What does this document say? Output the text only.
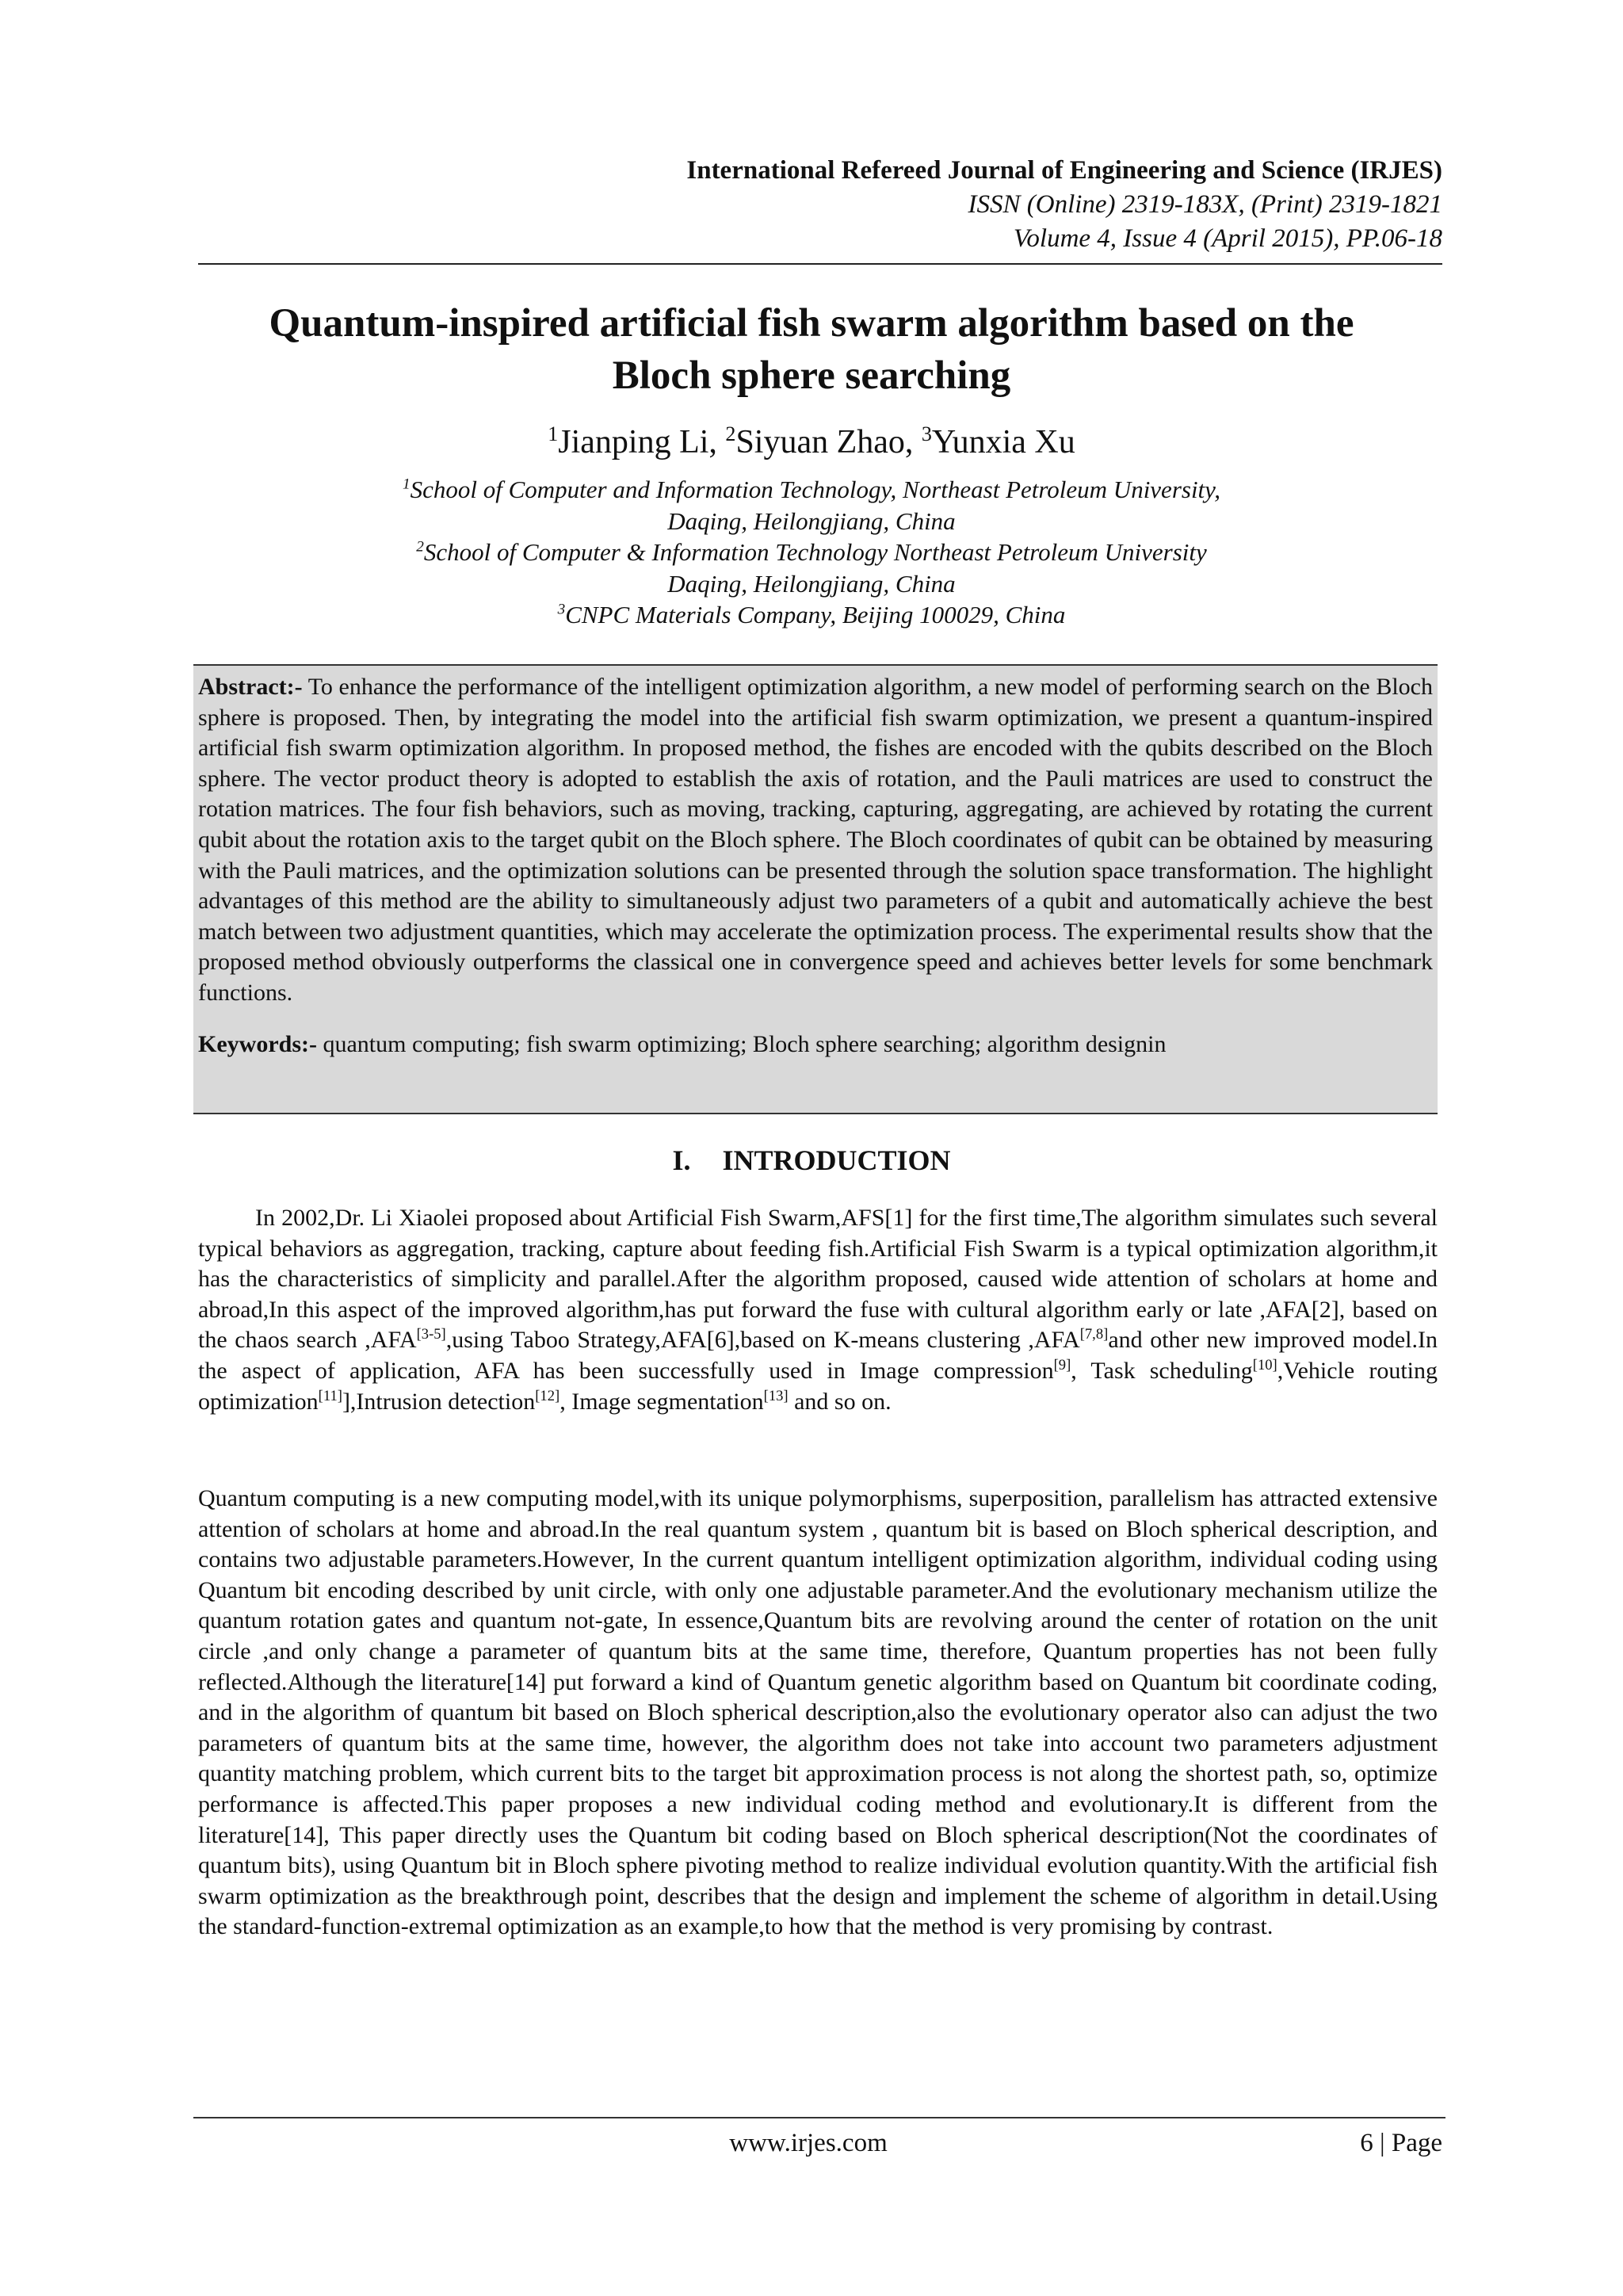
International Refereed Journal of Engineering and Science (IRJES)
ISSN (Online) 2319-183X, (Print) 2319-1821
Volume 4, Issue 4 (April 2015), PP.06-18
Quantum-inspired artificial fish swarm algorithm based on the
Bloch sphere searching
$^1$Jianping Li, $^2$Siyuan Zhao, $^3$Yunxia Xu
$^1$School of Computer and Information Technology, Northeast Petroleum University,
Daqing, Heilongjiang, China
$^2$School of Computer & Information Technology Northeast Petroleum University
Daqing, Heilongjiang, China
$^3$CNPC Materials Company, Beijing 100029, China

Abstract:- To enhance the performance of the intelligent optimization algorithm, a new model of performing search on the Bloch sphere is proposed. Then, by integrating the model into the artificial fish swarm optimization, we present a quantum-inspired artificial fish swarm optimization algorithm. In proposed method, the fishes are encoded with the qubits described on the Bloch sphere. The vector product theory is adopted to establish the axis of rotation, and the Pauli matrices are used to construct the rotation matrices. The four fish behaviors, such as moving, tracking, capturing, aggregating, are achieved by rotating the current qubit about the rotation axis to the target qubit on the Bloch sphere. The Bloch coordinates of qubit can be obtained by measuring with the Pauli matrices, and the optimization solutions can be presented through the solution space transformation. The highlight advantages of this method are the ability to simultaneously adjust two parameters of a qubit and automatically achieve the best match between two adjustment quantities, which may accelerate the optimization process. The experimental results show that the proposed method obviously outperforms the classical one in convergence speed and achieves better levels for some benchmark functions.

Keywords:- quantum computing; fish swarm optimizing; Bloch sphere searching; algorithm designin

I. INTRODUCTION

In 2002,Dr. Li Xiaolei proposed about Artificial Fish Swarm,AFS[1] for the first time,The algorithm simulates such several typical behaviors as aggregation, tracking, capture about feeding fish.Artificial Fish Swarm is a typical optimization algorithm,it has the characteristics of simplicity and parallel.After the algorithm proposed, caused wide attention of scholars at home and abroad,In this aspect of the improved algorithm,has put forward the fuse with cultural algorithm early or late ,AFA[2], based on the chaos search ,AFA[3-5],using Taboo Strategy,AFA[6],based on K-means clustering ,AFA[7,8]and other new improved model.In the aspect of application, AFA has been successfully used in Image compression[9], Task scheduling[10],Vehicle routing optimization[11]],Intrusion detection[12], Image segmentation[13] and so on.

Quantum computing is a new computing model,with its unique polymorphisms, superposition, parallelism has attracted extensive attention of scholars at home and abroad.In the real quantum system , quantum bit is based on Bloch spherical description, and contains two adjustable parameters.However, In the current quantum intelligent optimization algorithm, individual coding using Quantum bit encoding described by unit circle, with only one adjustable parameter.And the evolutionary mechanism utilize the quantum rotation gates and quantum not-gate, In essence,Quantum bits are revolving around the center of rotation on the unit circle ,and only change a parameter of quantum bits at the same time, therefore, Quantum properties has not been fully reflected.Although the literature[14] put forward a kind of Quantum genetic algorithm based on Quantum bit coordinate coding, and in the algorithm of quantum bit based on Bloch spherical description,also the evolutionary operator also can adjust the two parameters of quantum bits at the same time, however, the algorithm does not take into account two parameters adjustment quantity matching problem, which current bits to the target bit approximation process is not along the shortest path, so, optimize performance is affected.This paper proposes a new individual coding method and evolutionary.It is different from the literature[14], This paper directly uses the Quantum bit coding based on Bloch spherical description(Not the coordinates of quantum bits), using Quantum bit in Bloch sphere pivoting method to realize individual evolution quantity.With the artificial fish swarm optimization as the breakthrough point, describes that the design and implement the scheme of algorithm in detail.Using the standard-function-extremal optimization as an example,to how that the method is very promising by contrast.

www.irjes.com	6 | Page
